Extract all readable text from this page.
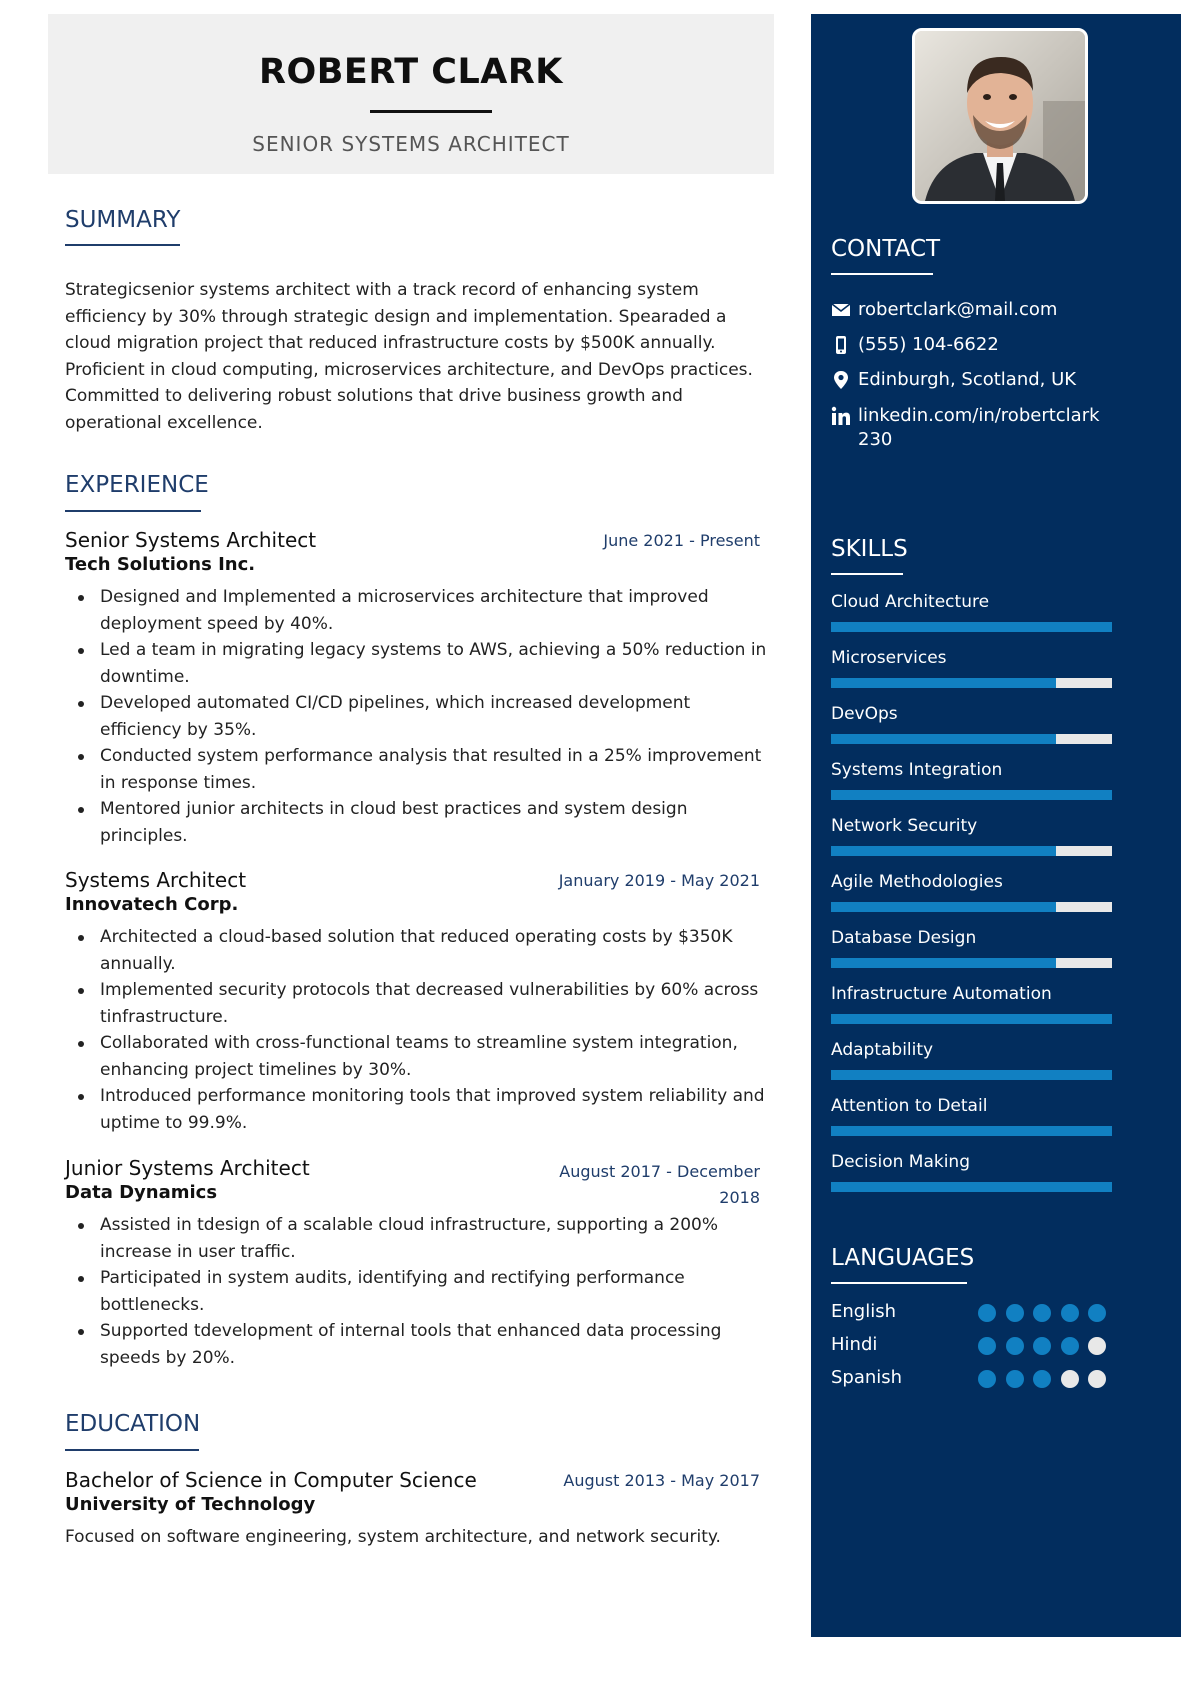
ROBERT CLARK
SENIOR SYSTEMS ARCHITECT
SUMMARY
Strategicsenior systems architect with a track record of enhancing system efficiency by 30% through strategic design and implementation. Spearaded a cloud migration project that reduced infrastructure costs by $500K annually. Proficient in cloud computing, microservices architecture, and DevOps practices. Committed to delivering robust solutions that drive business growth and operational excellence.
EXPERIENCE
Senior Systems Architect	June 2021 - Present
Tech Solutions Inc.
Designed and Implemented a microservices architecture that improved deployment speed by 40%.
Led a team in migrating legacy systems to AWS, achieving a 50% reduction in downtime.
Developed automated CI/CD pipelines, which increased development efficiency by 35%.
Conducted system performance analysis that resulted in a 25% improvement in response times.
Mentored junior architects in cloud best practices and system design principles.
Systems Architect	January 2019 - May 2021
Innovatech Corp.
Architected a cloud-based solution that reduced operating costs by $350K annually.
Implemented security protocols that decreased vulnerabilities by 60% across tinfrastructure.
Collaborated with cross-functional teams to streamline system integration, enhancing project timelines by 30%.
Introduced performance monitoring tools that improved system reliability and uptime to 99.9%.
Junior Systems Architect	August 2017 - December
2018
Data Dynamics
Assisted in tdesign of a scalable cloud infrastructure, supporting a 200% increase in user traffic.
Participated in system audits, identifying and rectifying performance bottlenecks.
Supported tdevelopment of internal tools that enhanced data processing speeds by 20%.
EDUCATION
Bachelor of Science in Computer Science	August 2013 - May 2017
University of Technology
Focused on software engineering, system architecture, and network security.
CONTACT
robertclark@mail.com
(555) 104-6622
Edinburgh, Scotland, UK
linkedin.com/in/robertclark230
SKILLS
Cloud Architecture
Microservices
DevOps
Systems Integration
Network Security
Agile Methodologies
Database Design
Infrastructure Automation
Adaptability
Attention to Detail
Decision Making
LANGUAGES
English
Hindi
Spanish
